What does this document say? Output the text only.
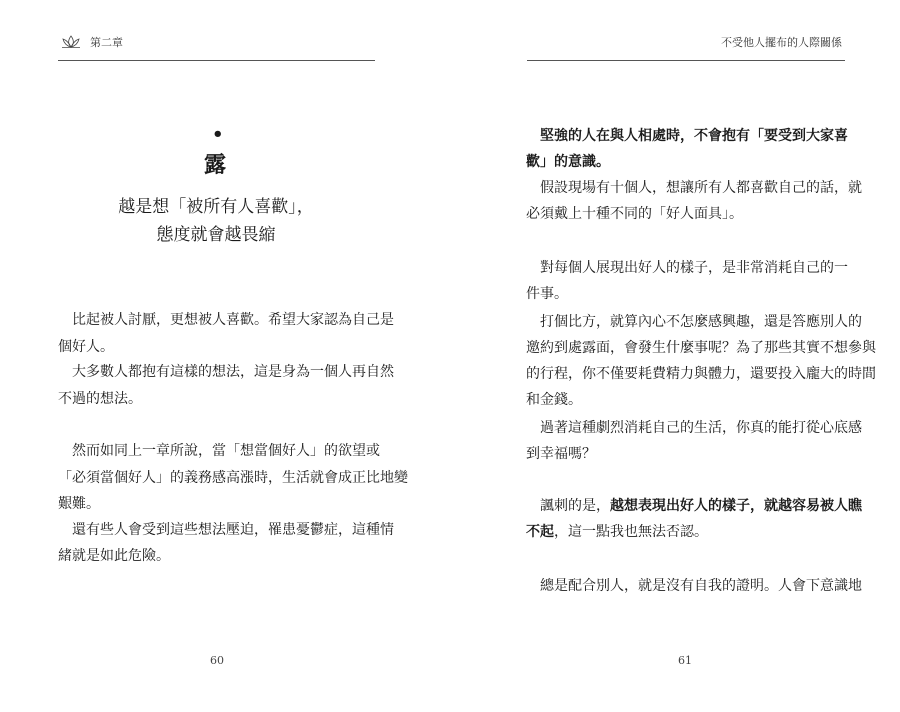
第二章
•
露
越是想「被所有人喜歡」，
態度就會越畏縮
　比起被人討厭，更想被人喜歡。希望大家認為自己是
個好人。
　大多數人都抱有這樣的想法，這是身為一個人再自然
不過的想法。
　然而如同上一章所說，當「想當個好人」的欲望或
「必須當個好人」的義務感高漲時，生活就會成正比地變
艱難。
　還有些人會受到這些想法壓迫，罹患憂鬱症，這種情
緒就是如此危險。
60
不受他人擺布的人際關係
　堅強的人在與人相處時，不會抱有「要受到大家喜
歡」的意識。
　假設現場有十個人，想讓所有人都喜歡自己的話，就
必須戴上十種不同的「好人面具」。
　對每個人展現出好人的樣子，是非常消耗自己的一
件事。
　打個比方，就算內心不怎麼感興趣，還是答應別人的
邀約到處露面，會發生什麼事呢？為了那些其實不想參與
的行程，你不僅要耗費精力與體力，還要投入龐大的時間
和金錢。
　過著這種劇烈消耗自己的生活，你真的能打從心底感
到幸福嗎？
　諷刺的是，越想表現出好人的樣子，就越容易被人瞧
不起，這一點我也無法否認。
　總是配合別人，就是沒有自我的證明。人會下意識地
61
